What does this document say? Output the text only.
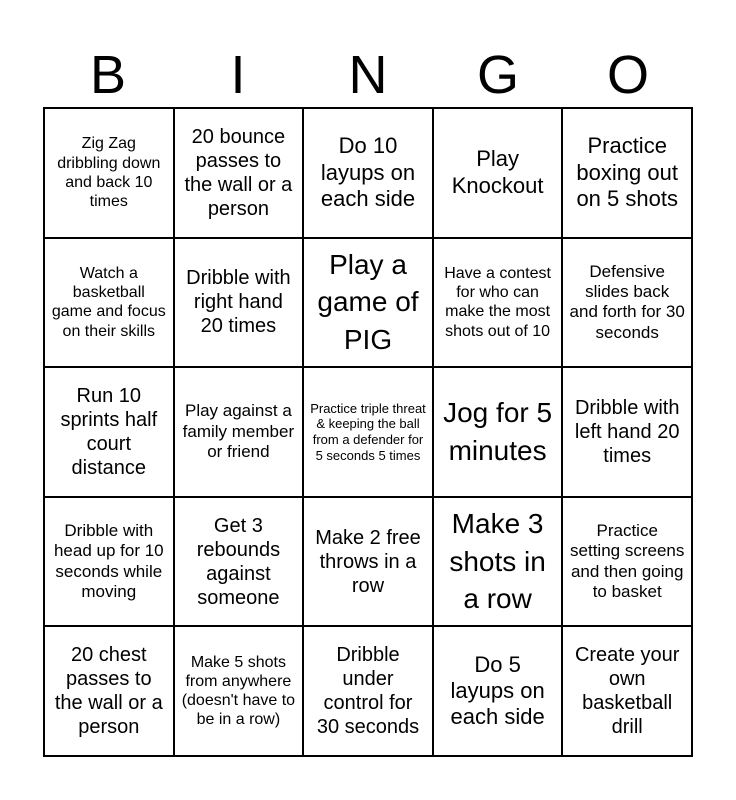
B	I	N	G	O
Zig Zag dribbling down and back 10 times
20 bounce passes to the wall or a person
Do 10 layups on each side
Play Knockout
Practice boxing out on 5 shots
Watch a basketball game and focus on their skills
Dribble with right hand 20 times
Play a game of PIG
Have a contest for who can make the most shots out of 10
Defensive slides back and forth for 30 seconds
Run 10 sprints half court distance
Play against a family member or friend
Practice triple threat & keeping the ball from a defender for 5 seconds 5 times
Jog for 5 minutes
Dribble with left hand 20 times
Dribble with head up for 10 seconds while moving
Get 3 rebounds against someone
Make 2 free throws in a row
Make 3 shots in a row
Practice setting screens and then going to basket
20 chest passes to the wall or a person
Make 5 shots from anywhere (doesn't have to be in a row)
Dribble under control for 30 seconds
Do 5 layups on each side
Create your own basketball drill
